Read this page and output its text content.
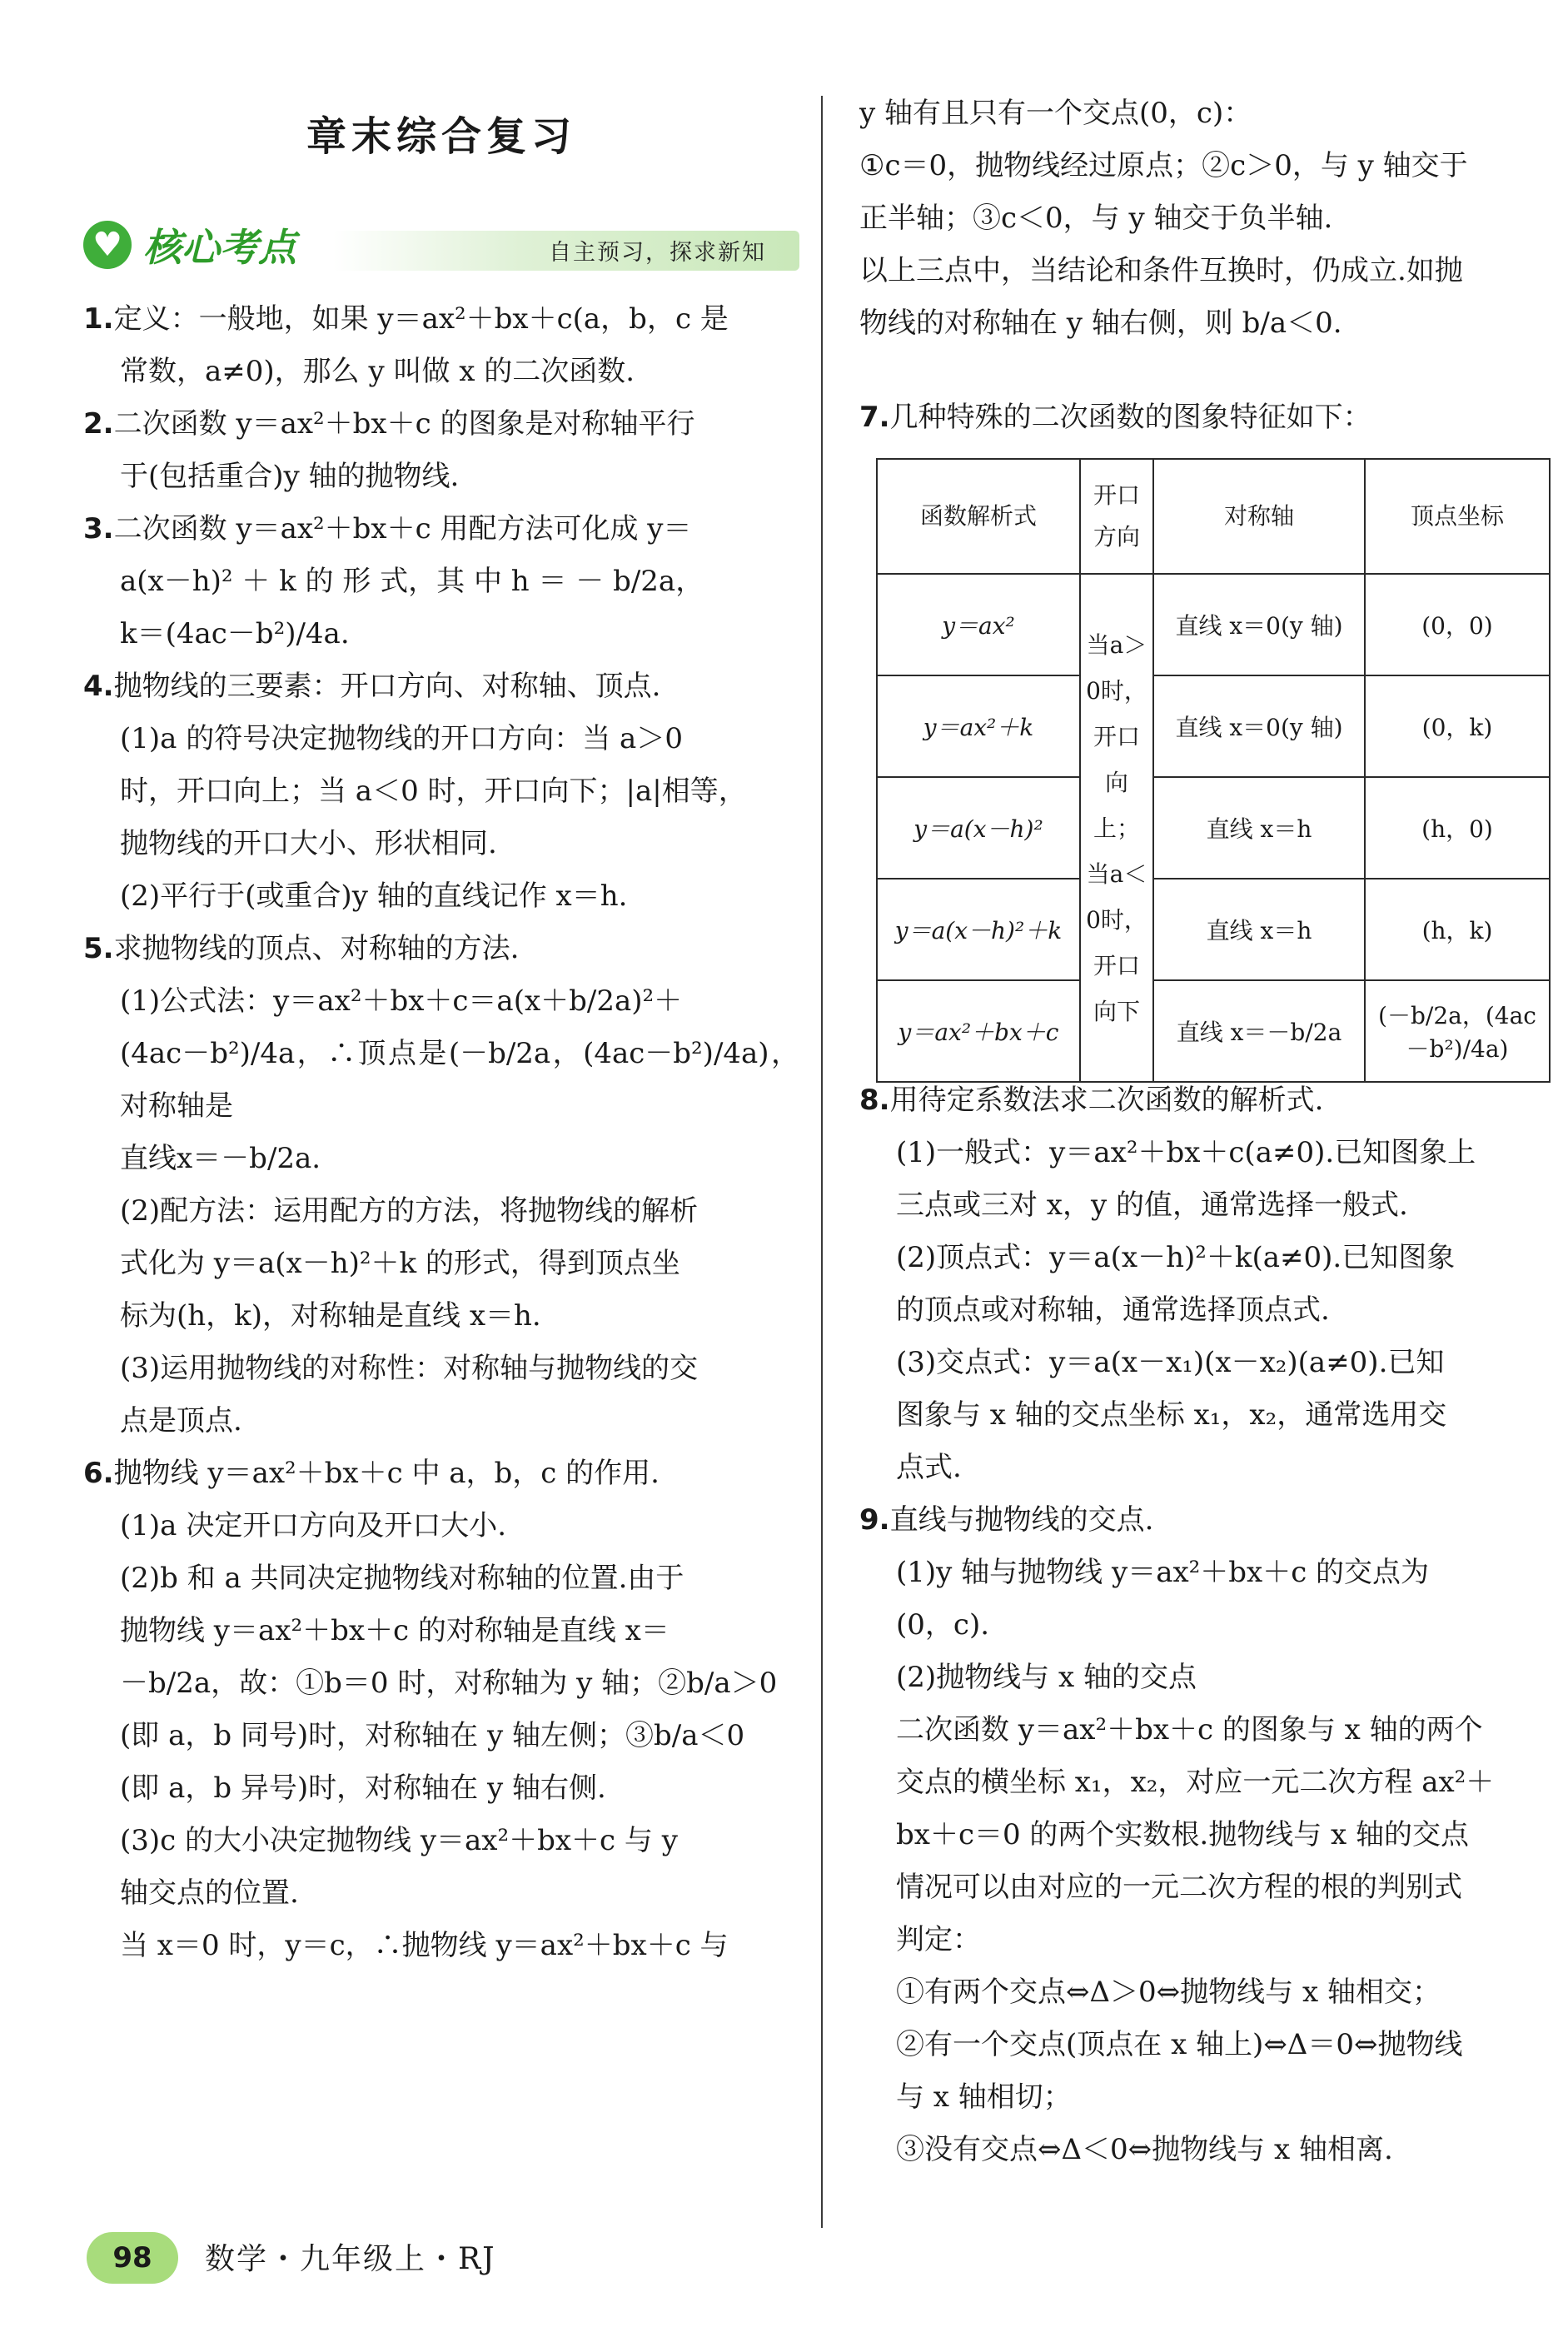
章末综合复习
♥ 核心考点	自主预习，探求新知

1.定义：一般地，如果 y＝ax²＋bx＋c(a，b，c 是

常数，a≠0)，那么 y 叫做 x 的二次函数.

2.二次函数 y＝ax²＋bx＋c 的图象是对称轴平行

于(包括重合)y 轴的抛物线.

3.二次函数 y＝ax²＋bx＋c 用配方法可化成 y＝

a(x－h)² ＋ k 的 形 式，其 中 h ＝ － b/2a，

k＝(4ac－b²)/4a.

4.抛物线的三要素：开口方向、对称轴、顶点.

(1)a 的符号决定抛物线的开口方向：当 a＞0

时，开口向上；当 a＜0 时，开口向下；|a|相等，

抛物线的开口大小、形状相同.

(2)平行于(或重合)y 轴的直线记作 x＝h.

5.求抛物线的顶点、对称轴的方法.

(1)公式法：y＝ax²＋bx＋c＝a(x＋b/2a)²＋

(4ac－b²)/4a，∴顶点是(－b/2a，(4ac－b²)/4a)，对称轴是

直线x＝－b/2a.

(2)配方法：运用配方的方法，将抛物线的解析

式化为 y＝a(x－h)²＋k 的形式，得到顶点坐

标为(h，k)，对称轴是直线 x＝h.

(3)运用抛物线的对称性：对称轴与抛物线的交

点是顶点.

6.抛物线 y＝ax²＋bx＋c 中 a，b，c 的作用.

(1)a 决定开口方向及开口大小.

(2)b 和 a 共同决定抛物线对称轴的位置.由于

抛物线 y＝ax²＋bx＋c 的对称轴是直线 x＝

－b/2a，故：①b＝0 时，对称轴为 y 轴；②b/a＞0

(即 a，b 同号)时，对称轴在 y 轴左侧；③b/a＜0

(即 a，b 异号)时，对称轴在 y 轴右侧.

(3)c 的大小决定抛物线 y＝ax²＋bx＋c 与 y

轴交点的位置.

当 x＝0 时，y＝c，∴抛物线 y＝ax²＋bx＋c 与

y 轴有且只有一个交点(0，c)：

①c＝0，抛物线经过原点；②c＞0，与 y 轴交于

正半轴；③c＜0，与 y 轴交于负半轴.

以上三点中，当结论和条件互换时，仍成立.如抛

物线的对称轴在 y 轴右侧，则 b/a＜0.

7.几种特殊的二次函数的图象特征如下：

函数解析式	开口方向	对称轴	顶点坐标
y＝ax²	当a＞0时，开口向上；当a＜0时，开口向下	直线 x＝0(y 轴)	(0，0)
y＝ax²＋k		直线 x＝0(y 轴)	(0，k)
y＝a(x－h)²		直线 x＝h	(h，0)
y＝a(x－h)²＋k		直线 x＝h	(h，k)
y＝ax²＋bx＋c		直线 x＝－b/2a	(－b/2a，(4ac－b²)/4a)

8.用待定系数法求二次函数的解析式.

(1)一般式：y＝ax²＋bx＋c(a≠0).已知图象上

三点或三对 x，y 的值，通常选择一般式.

(2)顶点式：y＝a(x－h)²＋k(a≠0).已知图象

的顶点或对称轴，通常选择顶点式.

(3)交点式：y＝a(x－x₁)(x－x₂)(a≠0).已知

图象与 x 轴的交点坐标 x₁，x₂，通常选用交

点式.

9.直线与抛物线的交点.

(1)y 轴与抛物线 y＝ax²＋bx＋c 的交点为

(0，c).

(2)抛物线与 x 轴的交点

二次函数 y＝ax²＋bx＋c 的图象与 x 轴的两个

交点的横坐标 x₁，x₂，对应一元二次方程 ax²＋

bx＋c＝0 的两个实数根.抛物线与 x 轴的交点

情况可以由对应的一元二次方程的根的判别式

判定：

①有两个交点⇔Δ＞0⇔抛物线与 x 轴相交；

②有一个交点(顶点在 x 轴上)⇔Δ＝0⇔抛物线

与 x 轴相切；

③没有交点⇔Δ＜0⇔抛物线与 x 轴相离.

98	数学・九年级上・RJ
